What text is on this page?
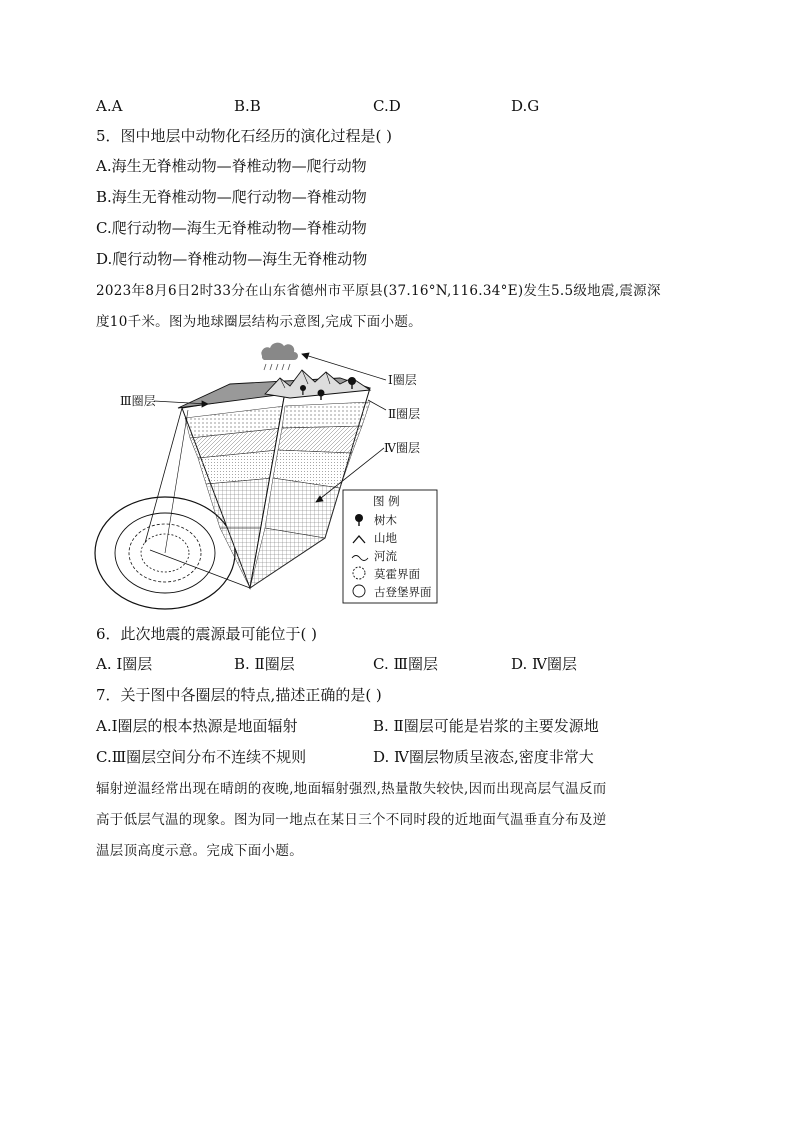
A.A	B.B	C.D	D.G
5．图中地层中动物化石经历的演化过程是( )
A.海生无脊椎动物—脊椎动物—爬行动物
B.海生无脊椎动物—爬行动物—脊椎动物
C.爬行动物—海生无脊椎动物—脊椎动物
D.爬行动物—脊椎动物—海生无脊椎动物
2023年8月6日2时33分在山东省德州市平原县(37.16°N,116.34°E)发生5.5级地震,震源深
度10千米。图为地球圈层结构示意图,完成下面小题。
Ⅰ圈层
Ⅲ圈层
Ⅱ圈层
Ⅳ圈层
图 例
树木
山地
河流
莫霍界面
古登堡界面
6．此次地震的震源最可能位于( )
A. Ⅰ圈层	B. Ⅱ圈层	C. Ⅲ圈层	D. Ⅳ圈层
7．关于图中各圈层的特点,描述正确的是( )
A.Ⅰ圈层的根本热源是地面辐射	B. Ⅱ圈层可能是岩浆的主要发源地
C.Ⅲ圈层空间分布不连续不规则	D. Ⅳ圈层物质呈液态,密度非常大
辐射逆温经常出现在晴朗的夜晚,地面辐射强烈,热量散失较快,因而出现高层气温反而
高于低层气温的现象。图为同一地点在某日三个不同时段的近地面气温垂直分布及逆
温层顶高度示意。完成下面小题。
